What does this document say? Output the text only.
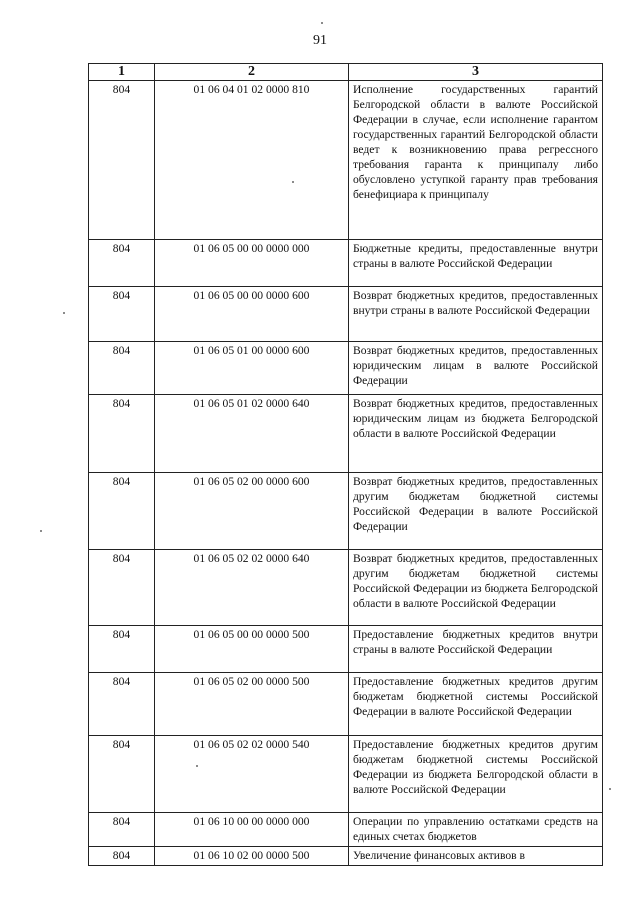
91
1	2	3
804	01 06 04 01 02 0000 810	Исполнение государственных гарантий Белгородской области в валюте Российской Федерации в случае, если исполнение гарантом государственных гарантий Белгородской области ведет к возникновению права регрессного требования гаранта к принципалу либо обусловлено уступкой гаранту прав требования бенефициара к принципалу
804	01 06 05 00 00 0000 000	Бюджетные кредиты, предоставленные внутри страны в валюте Российской Федерации
804	01 06 05 00 00 0000 600	Возврат бюджетных кредитов, предоставленных внутри страны в валюте Российской Федерации
804	01 06 05 01 00 0000 600	Возврат бюджетных кредитов, предоставленных юридическим лицам в валюте Российской Федерации
804	01 06 05 01 02 0000 640	Возврат бюджетных кредитов, предоставленных юридическим лицам из бюджета Белгородской области в валюте Российской Федерации
804	01 06 05 02 00 0000 600	Возврат бюджетных кредитов, предоставленных другим бюджетам бюджетной системы Российской Федерации в валюте Российской Федерации
804	01 06 05 02 02 0000 640	Возврат бюджетных кредитов, предоставленных другим бюджетам бюджетной системы Российской Федерации из бюджета Белгородской области в валюте Российской Федерации
804	01 06 05 00 00 0000 500	Предоставление бюджетных кредитов внутри страны в валюте Российской Федерации
804	01 06 05 02 00 0000 500	Предоставление бюджетных кредитов другим бюджетам бюджетной системы Российской Федерации в валюте Российской Федерации
804	01 06 05 02 02 0000 540	Предоставление бюджетных кредитов другим бюджетам бюджетной системы Российской Федерации из бюджета Белгородской области в валюте Российской Федерации
804	01 06 10 00 00 0000 000	Операции по управлению остатками средств на единых счетах бюджетов
804	01 06 10 02 00 0000 500	Увеличение финансовых активов в
